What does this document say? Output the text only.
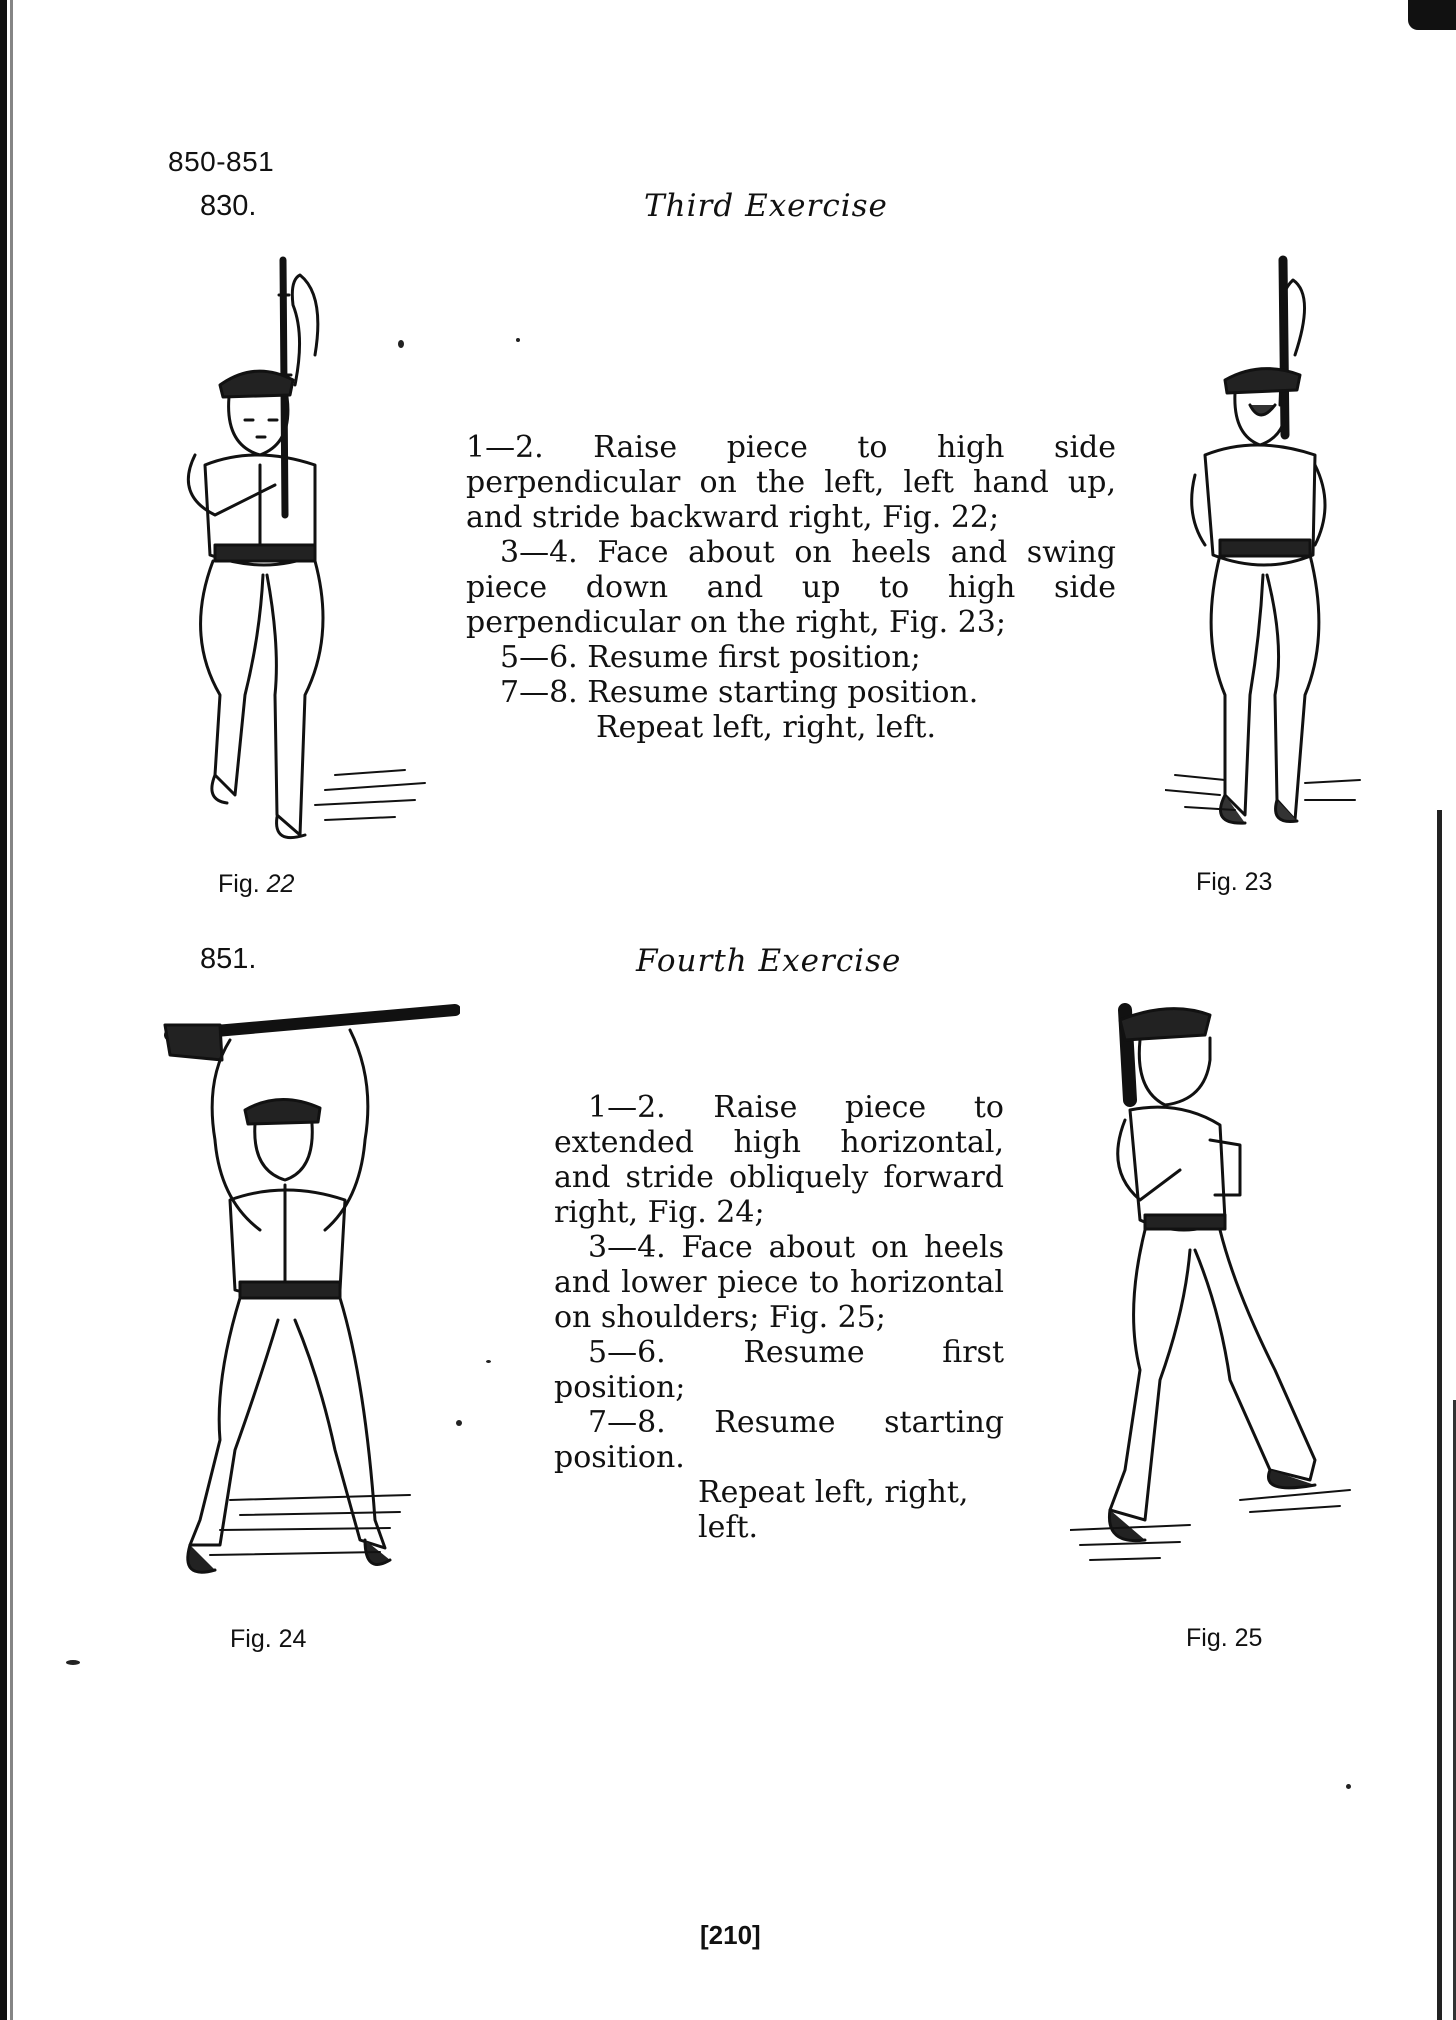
850-851
830.	Third Exercise

1—2. Raise piece to high side perpendicular on the left, left hand up, and stride backward right, Fig. 22;

3—4. Face about on heels and swing piece down and up to high side perpendicular on the right, Fig. 23;

5—6. Resume first position;

7—8. Resume starting position.

Repeat left, right, left.

Fig. 22	Fig. 23
851.	Fourth Exercise

1—2. Raise piece to extended high horizontal, and stride obliquely forward right, Fig. 24;

3—4. Face about on heels and lower piece to horizontal on shoulders; Fig. 25;

5—6. Resume first position;

7—8. Resume starting position.

Repeat left, right, left.

Fig. 24	Fig. 25
[210]
